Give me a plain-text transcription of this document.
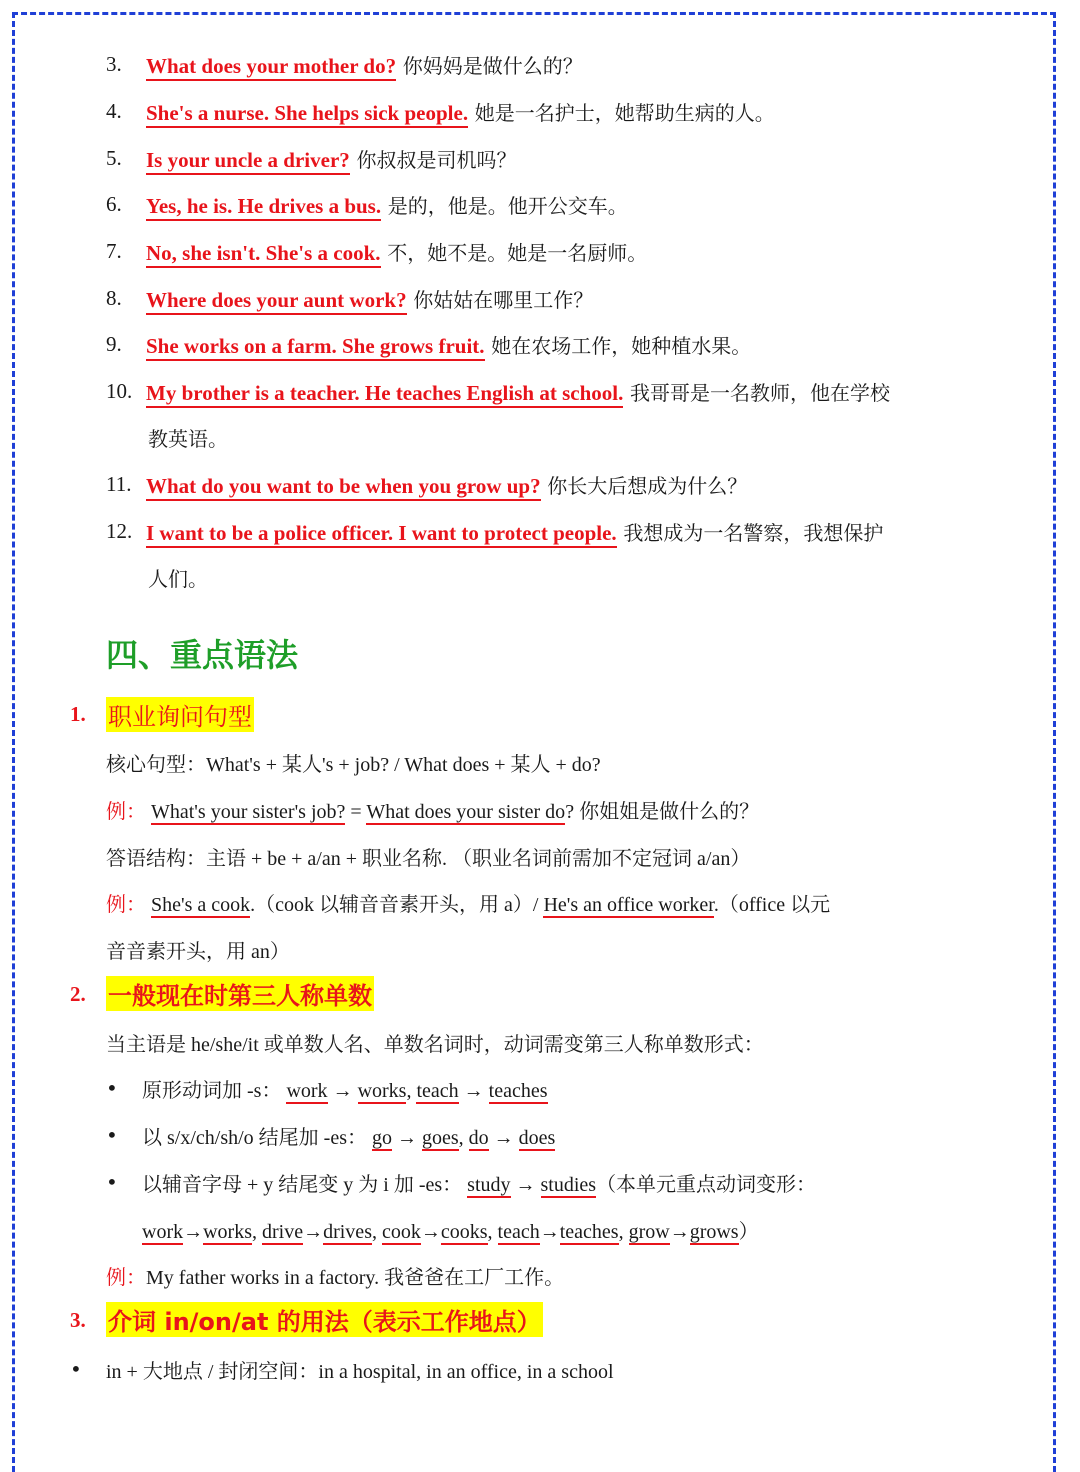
3. What does your mother do? 你妈妈是做什么的？
4. She's a nurse. She helps sick people. 她是一名护士，她帮助生病的人。
5. Is your uncle a driver? 你叔叔是司机吗？
6. Yes, he is. He drives a bus. 是的，他是。他开公交车。
7. No, she isn't. She's a cook. 不，她不是。她是一名厨师。
8. Where does your aunt work? 你姑姑在哪里工作？
9. She works on a farm. She grows fruit. 她在农场工作，她种植水果。
10. My brother is a teacher. He teaches English at school. 我哥哥是一名教师，他在学校
教英语。
11. What do you want to be when you grow up? 你长大后想成为什么？
12. I want to be a police officer. I want to protect people. 我想成为一名警察，我想保护
人们。
四、重点语法
1. 职业询问句型
核心句型：What's + 某人's + job? / What does + 某人 + do?
例： What's your sister's job? = What does your sister do? 你姐姐是做什么的？
答语结构：主语 + be + a/an + 职业名称. （职业名词前需加不定冠词 a/an）
例： She's a cook.（cook 以辅音音素开头，用 a）/ He's an office worker.（office 以元
音音素开头，用 an）
2. 一般现在时第三人称单数
当主语是 he/she/it 或单数人名、单数名词时，动词需变第三人称单数形式：
• 原形动词加 -s： work → works, teach → teaches
• 以 s/x/ch/sh/o 结尾加 -es： go → goes, do → does
• 以辅音字母 + y 结尾变 y 为 i 加 -es： study → studies（本单元重点动词变形：
work→works, drive→drives, cook→cooks, teach→teaches, grow→grows）
例：My father works in a factory. 我爸爸在工厂工作。
3. 介词 in/on/at 的用法（表示工作地点）
• in + 大地点 / 封闭空间：in a hospital, in an office, in a school
